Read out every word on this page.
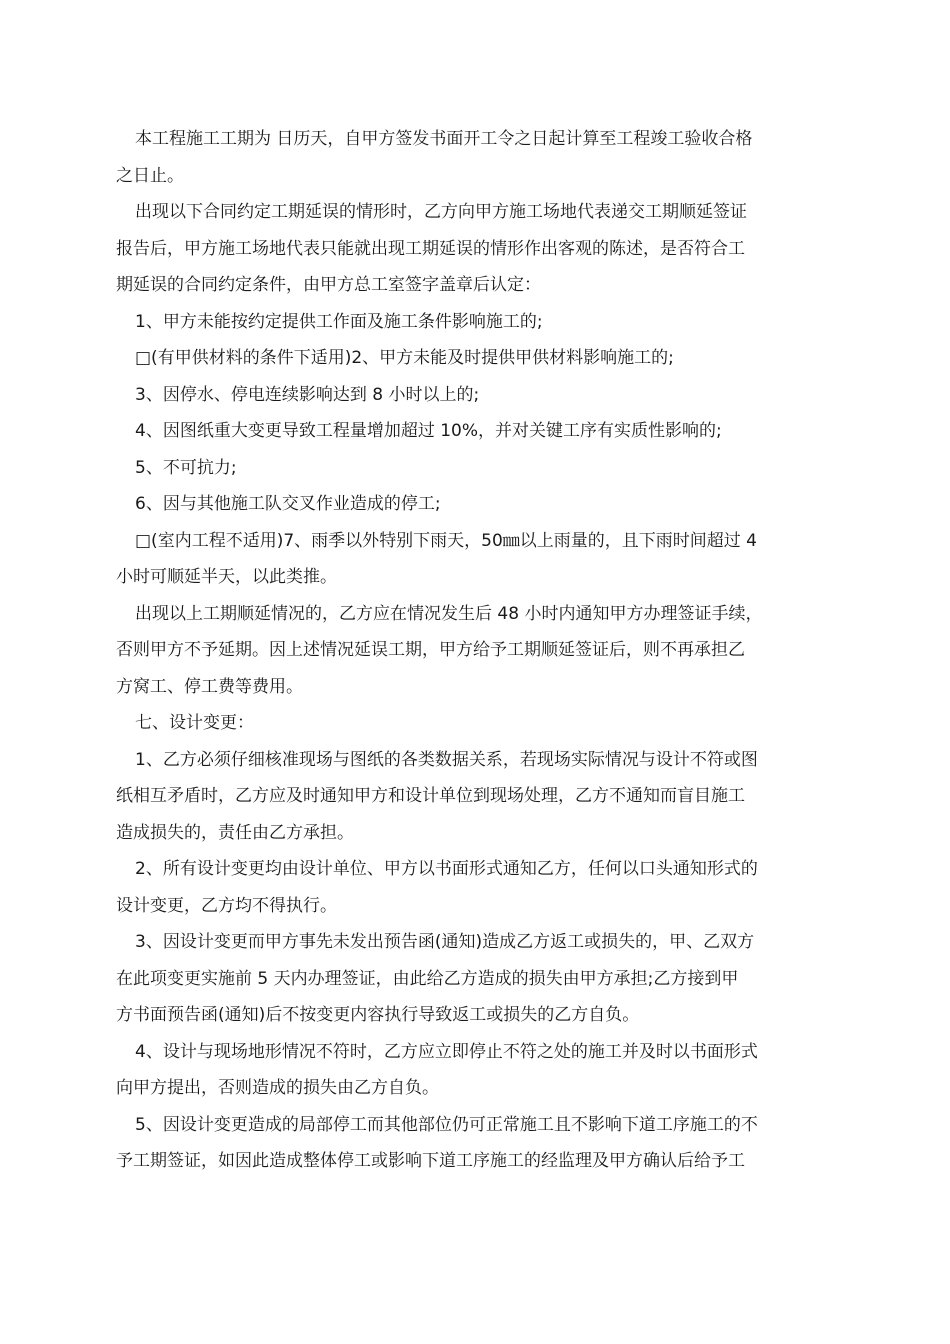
本工程施工工期为 日历天，自甲方签发书面开工令之日起计算至工程竣工验收合格
之日止。
出现以下合同约定工期延误的情形时，乙方向甲方施工场地代表递交工期顺延签证
报告后，甲方施工场地代表只能就出现工期延误的情形作出客观的陈述，是否符合工
期延误的合同约定条件，由甲方总工室签字盖章后认定：
1、甲方未能按约定提供工作面及施工条件影响施工的;
□(有甲供材料的条件下适用)2、甲方未能及时提供甲供材料影响施工的;
3、因停水、停电连续影响达到 8 小时以上的;
4、因图纸重大变更导致工程量增加超过 10%，并对关键工序有实质性影响的;
5、不可抗力;
6、因与其他施工队交叉作业造成的停工;
□(室内工程不适用)7、雨季以外特别下雨天，50㎜以上雨量的，且下雨时间超过 4
小时可顺延半天，以此类推。
出现以上工期顺延情况的，乙方应在情况发生后 48 小时内通知甲方办理签证手续，
否则甲方不予延期。因上述情况延误工期，甲方给予工期顺延签证后，则不再承担乙
方窝工、停工费等费用。
七、设计变更：
1、乙方必须仔细核准现场与图纸的各类数据关系，若现场实际情况与设计不符或图
纸相互矛盾时，乙方应及时通知甲方和设计单位到现场处理，乙方不通知而盲目施工
造成损失的，责任由乙方承担。
2、所有设计变更均由设计单位、甲方以书面形式通知乙方，任何以口头通知形式的
设计变更，乙方均不得执行。
3、因设计变更而甲方事先未发出预告函(通知)造成乙方返工或损失的，甲、乙双方
在此项变更实施前 5 天内办理签证，由此给乙方造成的损失由甲方承担;乙方接到甲
方书面预告函(通知)后不按变更内容执行导致返工或损失的乙方自负。
4、设计与现场地形情况不符时，乙方应立即停止不符之处的施工并及时以书面形式
向甲方提出，否则造成的损失由乙方自负。
5、因设计变更造成的局部停工而其他部位仍可正常施工且不影响下道工序施工的不
予工期签证，如因此造成整体停工或影响下道工序施工的经监理及甲方确认后给予工
